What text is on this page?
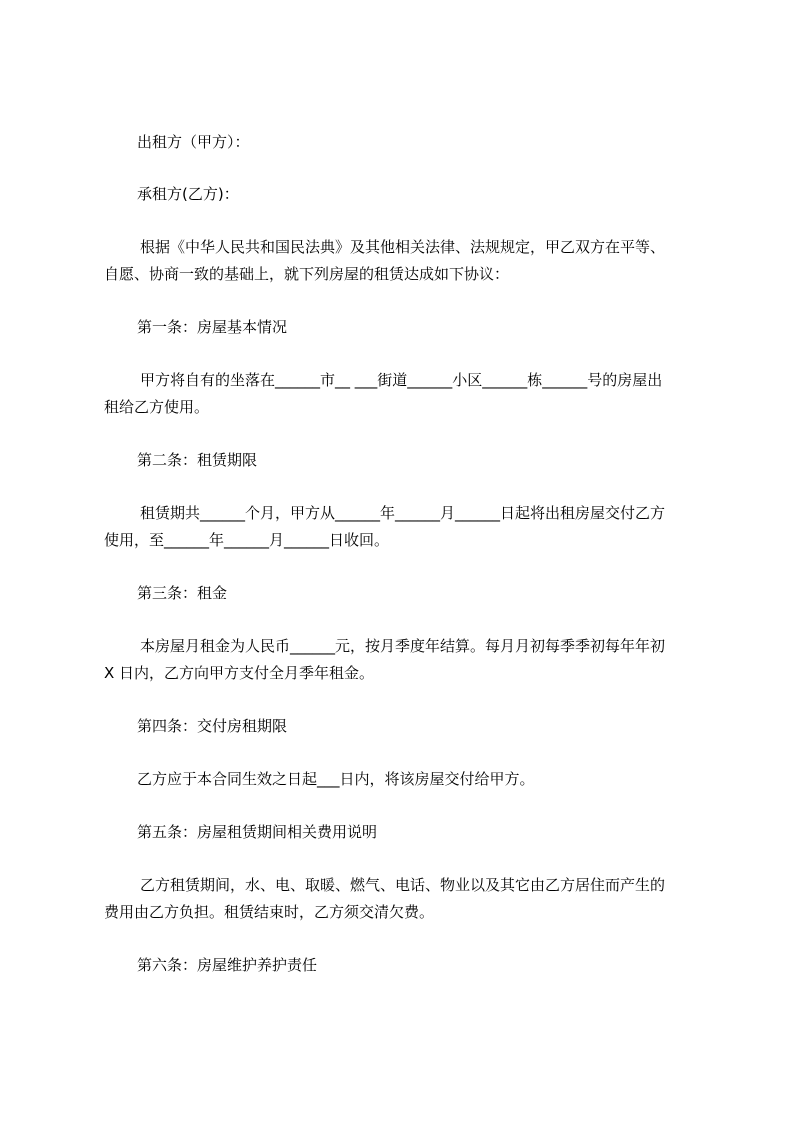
出租方（甲方）：
承租方(乙方)：
根据《中华人民共和国民法典》及其他相关法律、法规规定，甲乙双方在平等、
自愿、协商一致的基础上，就下列房屋的租赁达成如下协议：
第一条：房屋基本情况
甲方将自有的坐落在______市__ ___街道______小区______栋______号的房屋出
租给乙方使用。
第二条：租赁期限
租赁期共______个月，甲方从______年______月______日起将出租房屋交付乙方
使用，至______年______月______日收回。
第三条：租金
本房屋月租金为人民币______元，按月季度年结算。每月月初每季季初每年年初
X 日内，乙方向甲方支付全月季年租金。
第四条：交付房租期限
乙方应于本合同生效之日起___日内，将该房屋交付给甲方。
第五条：房屋租赁期间相关费用说明
乙方租赁期间，水、电、取暖、燃气、电话、物业以及其它由乙方居住而产生的
费用由乙方负担。租赁结束时，乙方须交清欠费。
第六条：房屋维护养护责任
